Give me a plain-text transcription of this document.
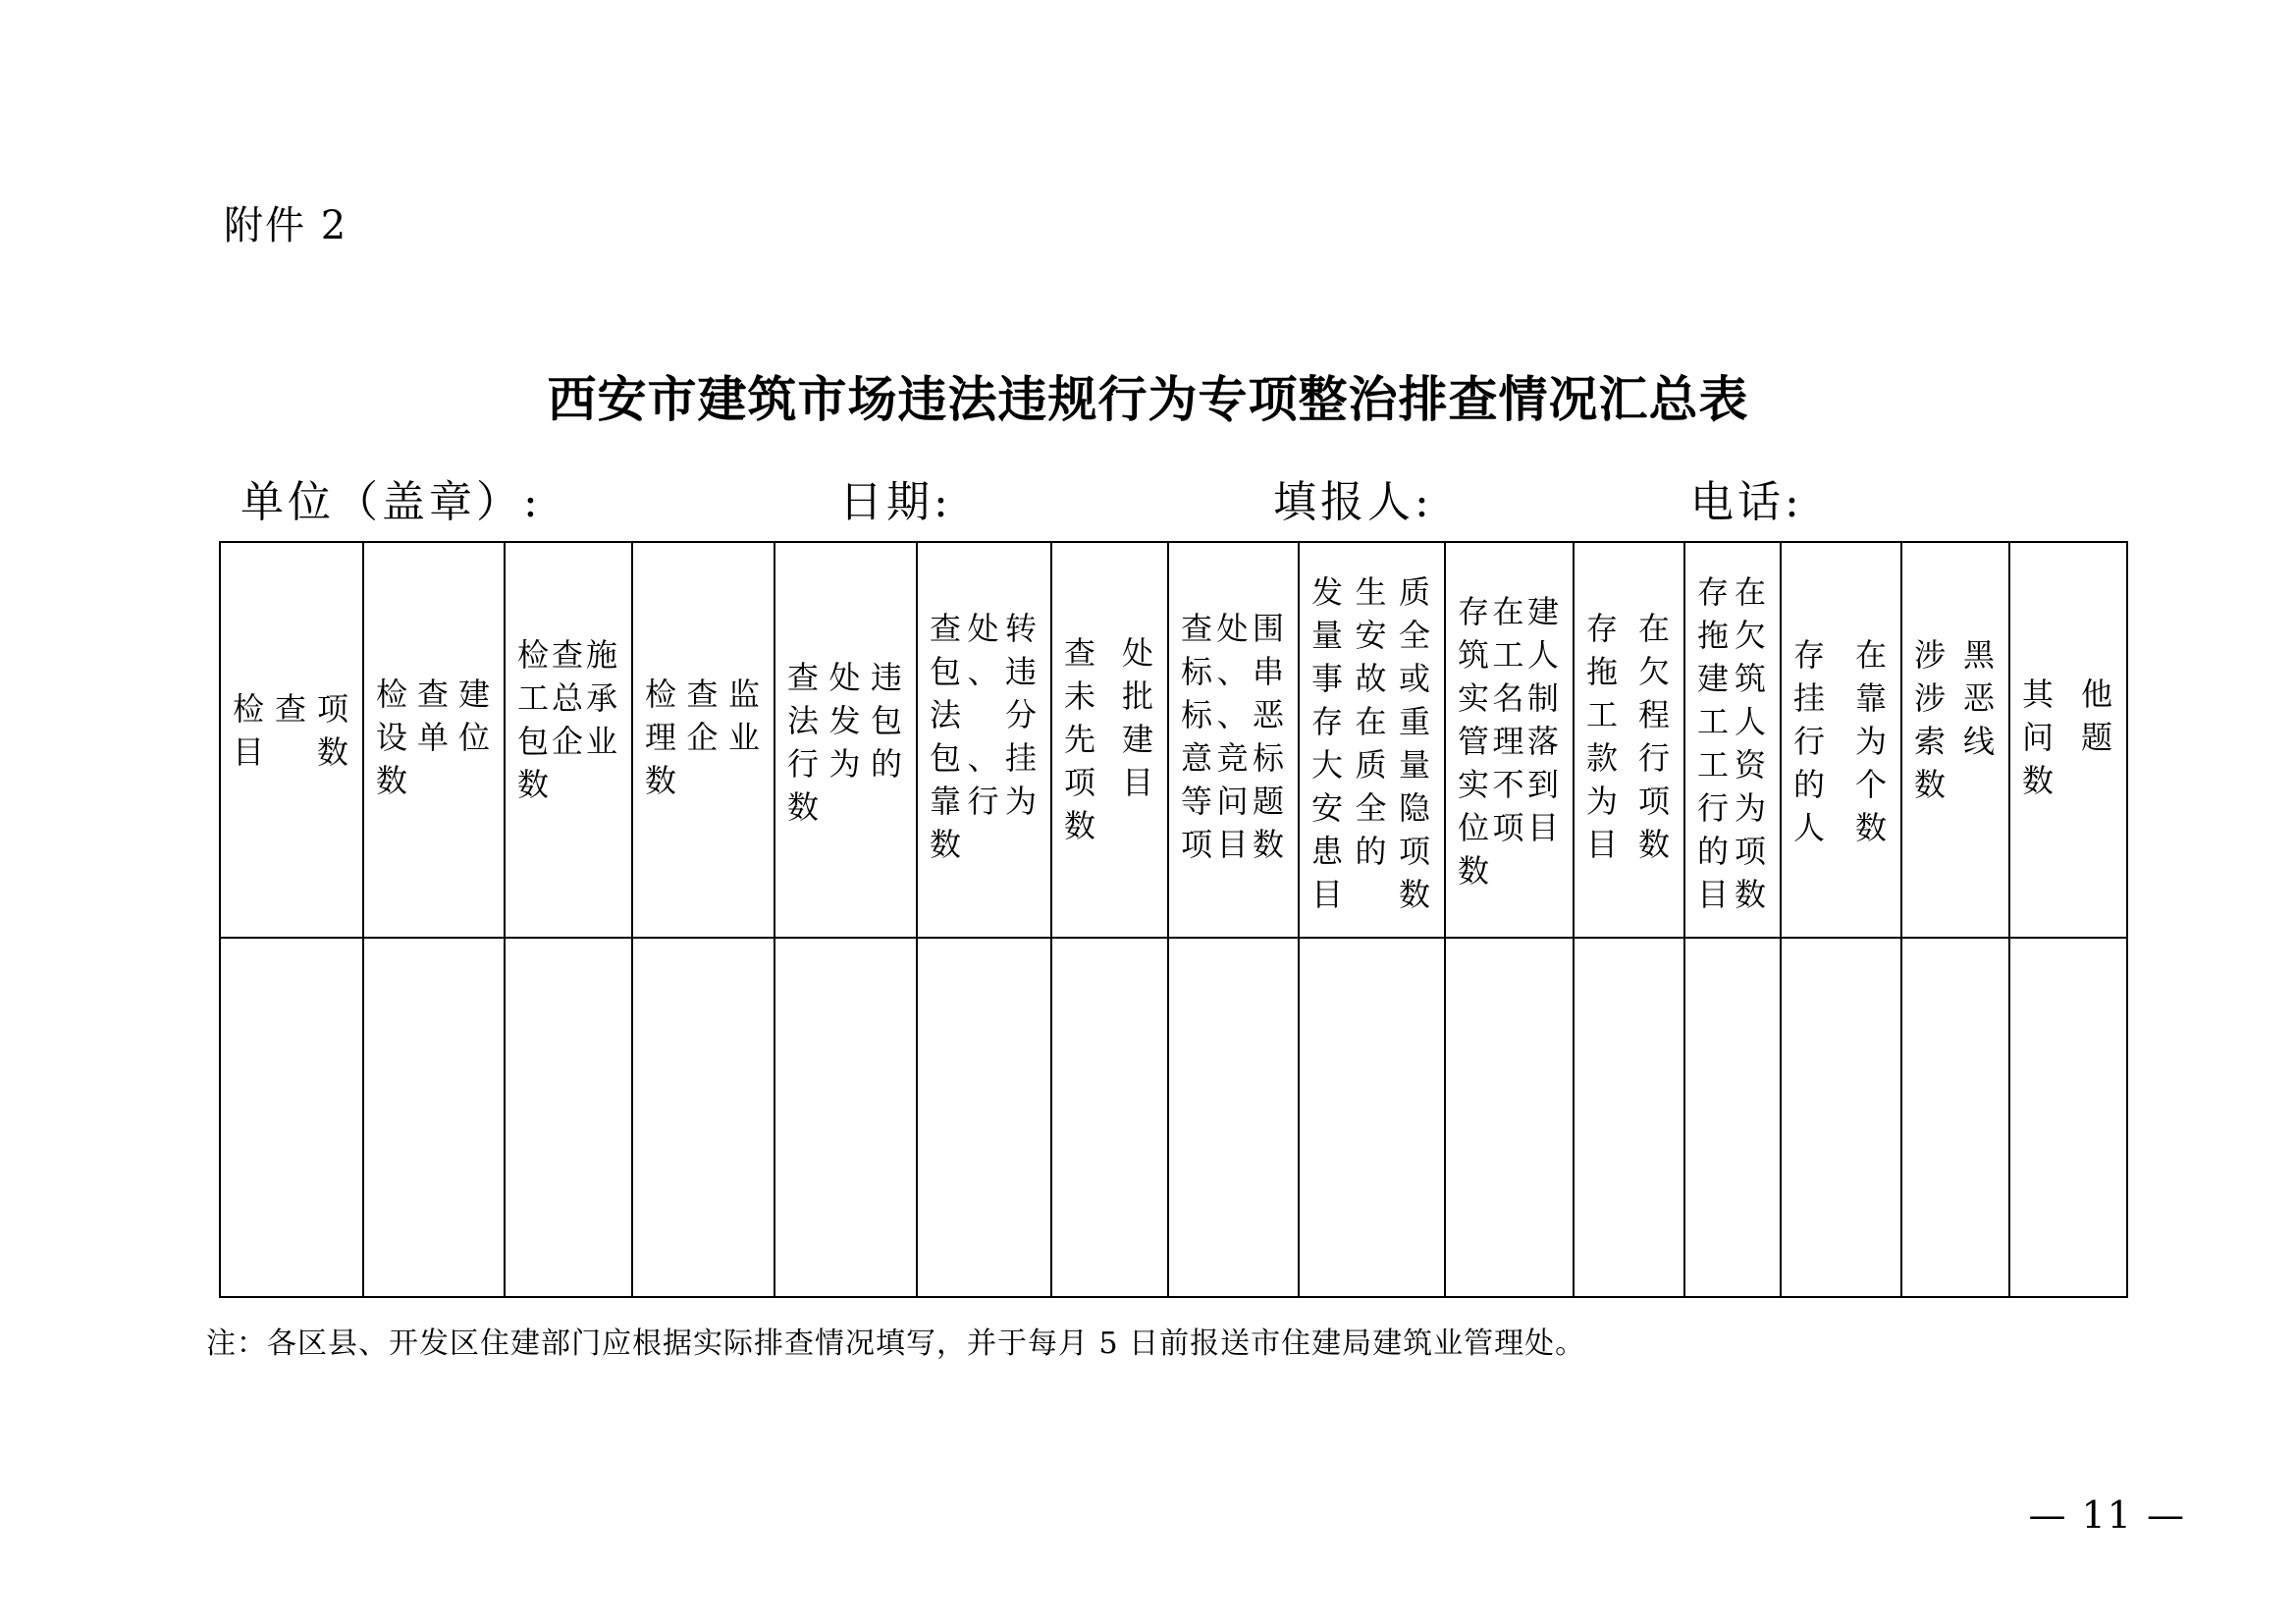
附件 2
西安市建筑市场违法违规行为专项整治排查情况汇总表
单位（盖章）:	日期:	填报人:	电话:
检查项目数	检查建设单位数	检查施工总承包企业数	检查监理企业数	查处违法发包行为的数	查处转包、违法分包、挂靠行为数	查处未批先建项目数	查处围标、串标、恶意竞标等问题项目数	发生质量安全事故或存在重大质量安全隐患的项目数	存在建筑工人实名制管理落实不到位项目数	存在拖欠工程款行为项目数	存在拖欠建筑工人工资行为的项目数	存在挂靠行为的个人数	涉黑涉恶索线数	其他问题数

注：各区县、开发区住建部门应根据实际排查情况填写，并于每月 5 日前报送市住建局建筑业管理处。
— 11 —
